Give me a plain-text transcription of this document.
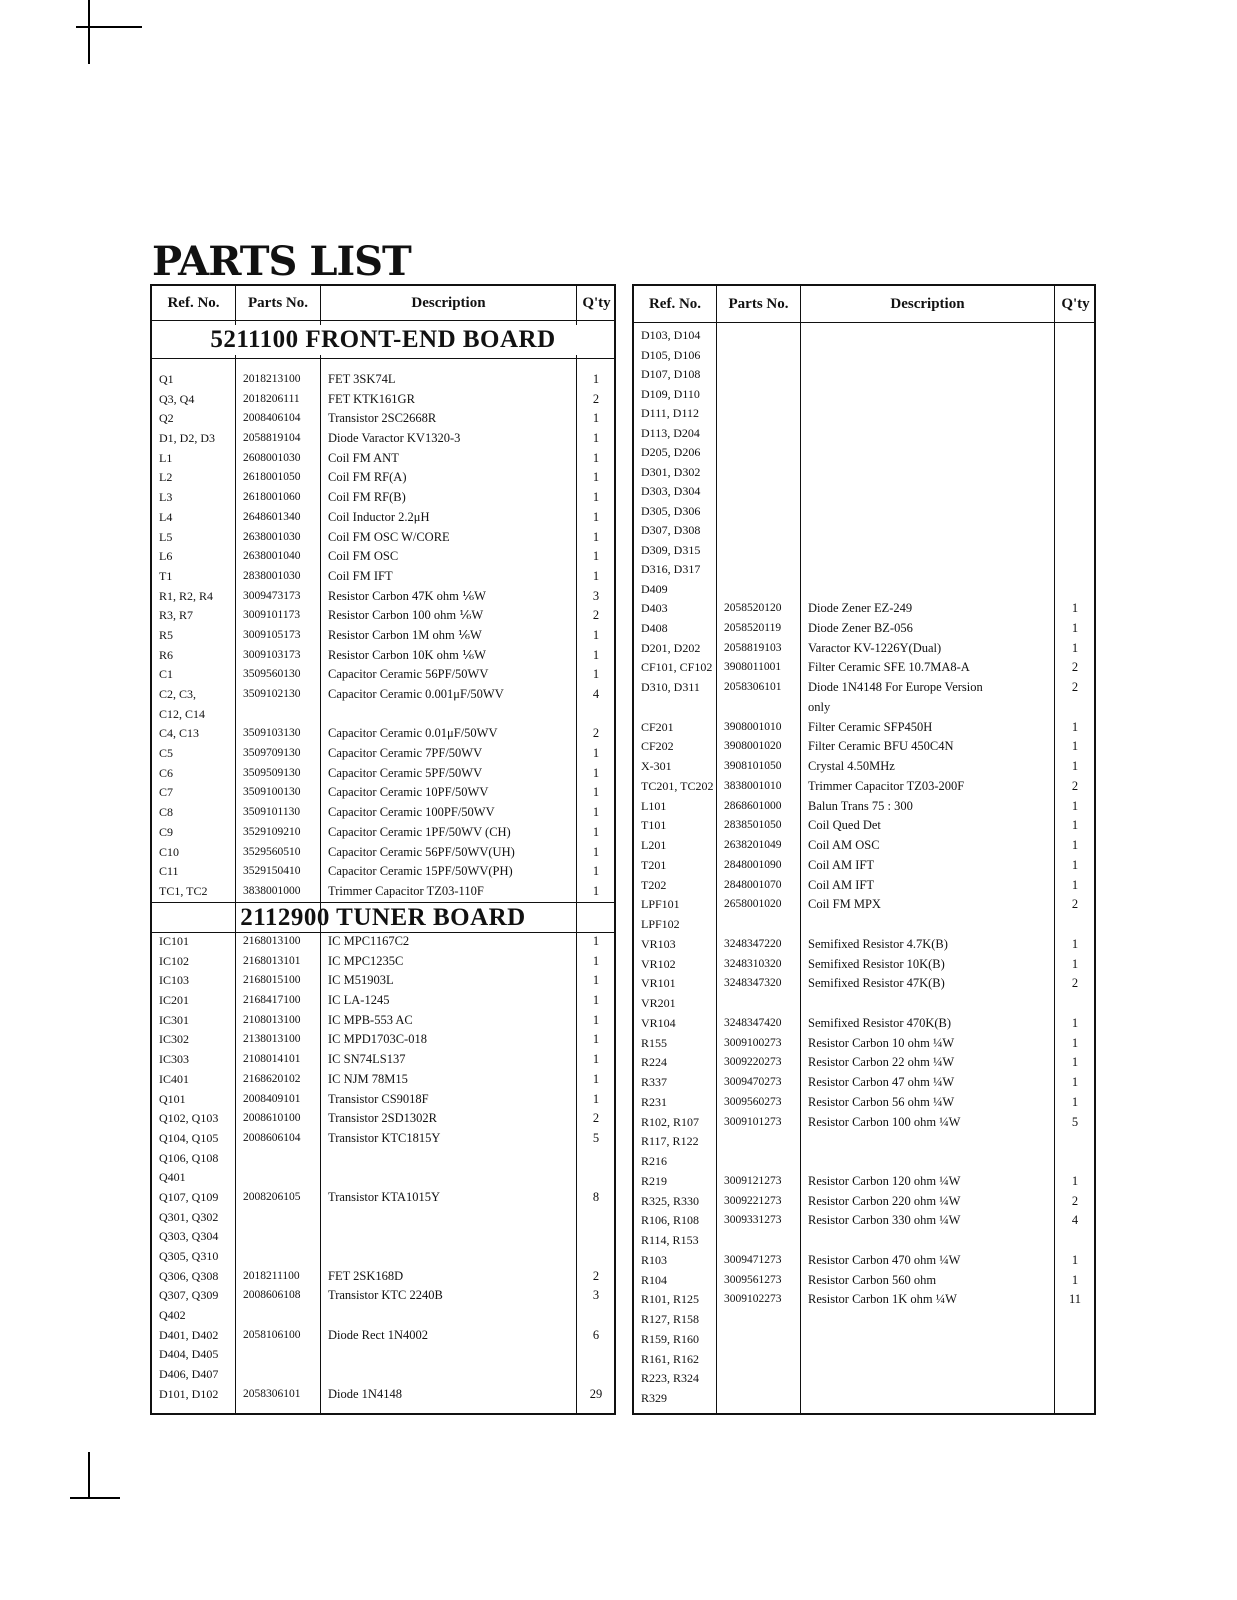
PARTS LIST
Ref. No.	Parts No.	Description	Q'ty
5211100 FRONT-END BOARD
Q1	2018213100 FET 3SK74L	1
Q3, Q4	2018206111 FET KTK161GR	2
Q2	2008406104 Transistor 2SC2668R	1
D1, D2, D3 2058819104 Diode Varactor KV1320-3	1
L1	2608001030 Coil FM ANT	1
L2	2618001050 Coil FM RF(A)	1
L3	2618001060 Coil FM RF(B)	1
L4	2648601340 Coil Inductor 2.2μH	1
L5	2638001030 Coil FM OSC W/CORE	1
L6	2638001040 Coil FM OSC	1
T1	2838001030 Coil FM IFT	1
R1, R2, R4	3009473173 Resistor Carbon 47K ohm ⅙W	3
R3, R7	3009101173 Resistor Carbon 100 ohm ⅙W	2
R5	3009105173 Resistor Carbon 1M ohm ⅙W	1
R6	3009103173 Resistor Carbon 10K ohm ⅙W	1
C1	3509560130 Capacitor Ceramic 56PF/50WV	1
C2, C3,	3509102130 Capacitor Ceramic 0.001μF/50WV	4
C12, C14
C4, C13	3509103130 Capacitor Ceramic 0.01μF/50WV	2
C5	3509709130 Capacitor Ceramic 7PF/50WV	1
C6	3509509130 Capacitor Ceramic 5PF/50WV	1
C7	3509100130 Capacitor Ceramic 10PF/50WV	1
C8	3509101130 Capacitor Ceramic 100PF/50WV	1
C9	3529109210 Capacitor Ceramic 1PF/50WV (CH)	1
C10	3529560510 Capacitor Ceramic 56PF/50WV(UH)	1
C11	3529150410 Capacitor Ceramic 15PF/50WV(PH)	1
TC1, TC2	3838001000 Trimmer Capacitor TZ03-110F	1
2112900 TUNER BOARD
IC101	2168013100 IC MPC1167C2	1
IC102	2168013101 IC MPC1235C	1
IC103	2168015100 IC M51903L	1
IC201	2168417100 IC LA-1245	1
IC301	2108013100 IC MPB-553 AC	1
IC302	2138013100 IC MPD1703C-018	1
IC303	2108014101 IC SN74LS137	1
IC401	2168620102 IC NJM 78M15	1
Q101	2008409101 Transistor CS9018F	1
Q102, Q103 2008610100 Transistor 2SD1302R	2
Q104, Q105 2008606104 Transistor KTC1815Y	5
Q106, Q108
Q401
Q107, Q109 2008206105 Transistor KTA1015Y	8
Q301, Q302
Q303, Q304
Q305, Q310
Q306, Q308 2018211100 FET 2SK168D	2
Q307, Q309 2008606108 Transistor KTC 2240B	3
Q402
D401, D402 2058106100 Diode Rect 1N4002	6
D404, D405
D406, D407
D101, D102 2058306101 Diode 1N4148	29
Ref. No.	Parts No.	Description	Q'ty
D103, D104
D105, D106
D107, D108
D109, D110
D111, D112
D113, D204
D205, D206
D301, D302
D303, D304
D305, D306
D307, D308
D309, D315
D316, D317
D409
D403	2058520120 Diode Zener EZ-249	1
D408	2058520119 Diode Zener BZ-056	1
D201, D202 2058819103 Varactor KV-1226Y(Dual)	1
CF101, CF102 3908011001 Filter Ceramic SFE 10.7MA8-A	2
D310, D311 2058306101 Diode 1N4148 For Europe Version	2
only
CF201	3908001010 Filter Ceramic SFP450H	1
CF202	3908001020 Filter Ceramic BFU 450C4N	1
X-301	3908101050 Crystal 4.50MHz	1
TC201, TC202 3838001010 Trimmer Capacitor TZ03-200F	2
L101	2868601000 Balun Trans 75 : 300	1
T101	2838501050 Coil Qued Det	1
L201	2638201049 Coil AM OSC	1
T201	2848001090 Coil AM IFT	1
T202	2848001070 Coil AM IFT	1
LPF101	2658001020 Coil FM MPX	2
LPF102
VR103	3248347220 Semifixed Resistor 4.7K(B)	1
VR102	3248310320 Semifixed Resistor 10K(B)	1
VR101	3248347320 Semifixed Resistor 47K(B)	2
VR201
VR104	3248347420 Semifixed Resistor 470K(B)	1
R155	3009100273 Resistor Carbon 10 ohm ¼W	1
R224	3009220273 Resistor Carbon 22 ohm ¼W	1
R337	3009470273 Resistor Carbon 47 ohm ¼W	1
R231	3009560273 Resistor Carbon 56 ohm ¼W	1
R102, R107 3009101273 Resistor Carbon 100 ohm ¼W	5
R117, R122
R216
R219	3009121273 Resistor Carbon 120 ohm ¼W	1
R325, R330 3009221273 Resistor Carbon 220 ohm ¼W	2
R106, R108 3009331273 Resistor Carbon 330 ohm ¼W	4
R114, R153
R103	3009471273 Resistor Carbon 470 ohm ¼W	1
R104	3009561273 Resistor Carbon 560 ohm	1
R101, R125 3009102273 Resistor Carbon 1K ohm ¼W	11
R127, R158
R159, R160
R161, R162
R223, R324
R329
